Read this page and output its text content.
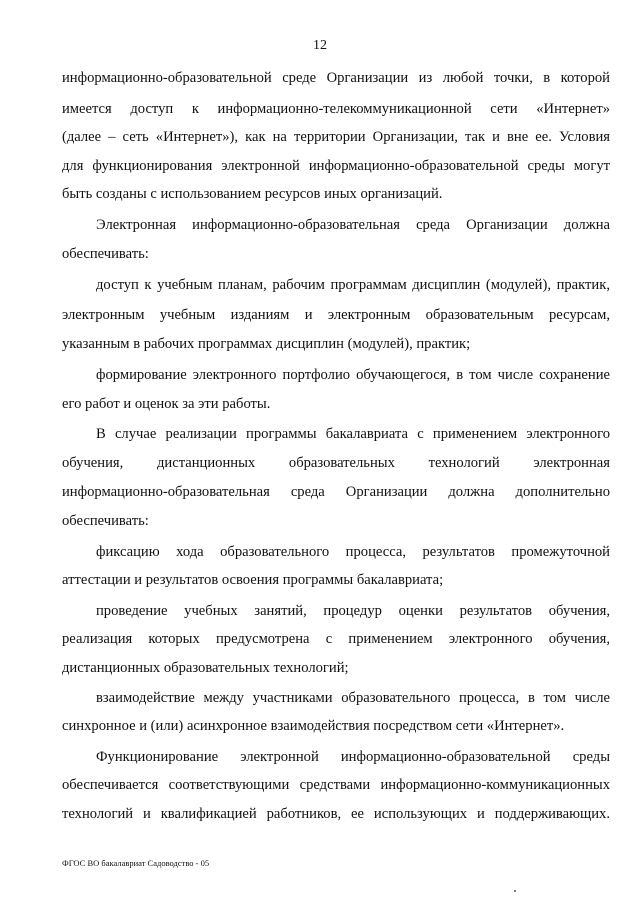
12
информационно-образовательной среде Организации из любой точки, в которой
имеется доступ к информационно-телекоммуникационной сети «Интернет»
(далее – сеть «Интернет»), как на территории Организации, так и вне ее. Условия
для функционирования электронной информационно-образовательной среды могут
быть созданы с использованием ресурсов иных организаций.
Электронная информационно-образовательная среда Организации должна
обеспечивать:
доступ к учебным планам, рабочим программам дисциплин (модулей), практик,
электронным учебным изданиям и электронным образовательным ресурсам,
указанным в рабочих программах дисциплин (модулей), практик;
формирование электронного портфолио обучающегося, в том числе сохранение
его работ и оценок за эти работы.
В случае реализации программы бакалавриата с применением электронного
обучения, дистанционных образовательных технологий электронная
информационно-образовательная среда Организации должна дополнительно
обеспечивать:
фиксацию хода образовательного процесса, результатов промежуточной
аттестации и результатов освоения программы бакалавриата;
проведение учебных занятий, процедур оценки результатов обучения,
реализация которых предусмотрена с применением электронного обучения,
дистанционных образовательных технологий;
взаимодействие между участниками образовательного процесса, в том числе
синхронное и (или) асинхронное взаимодействия посредством сети «Интернет».
Функционирование электронной информационно-образовательной среды
обеспечивается соответствующими средствами информационно-коммуникационных
технологий и квалификацией работников, ее использующих и поддерживающих.
ФГОС ВО бакалавриат Садоводство - 05
